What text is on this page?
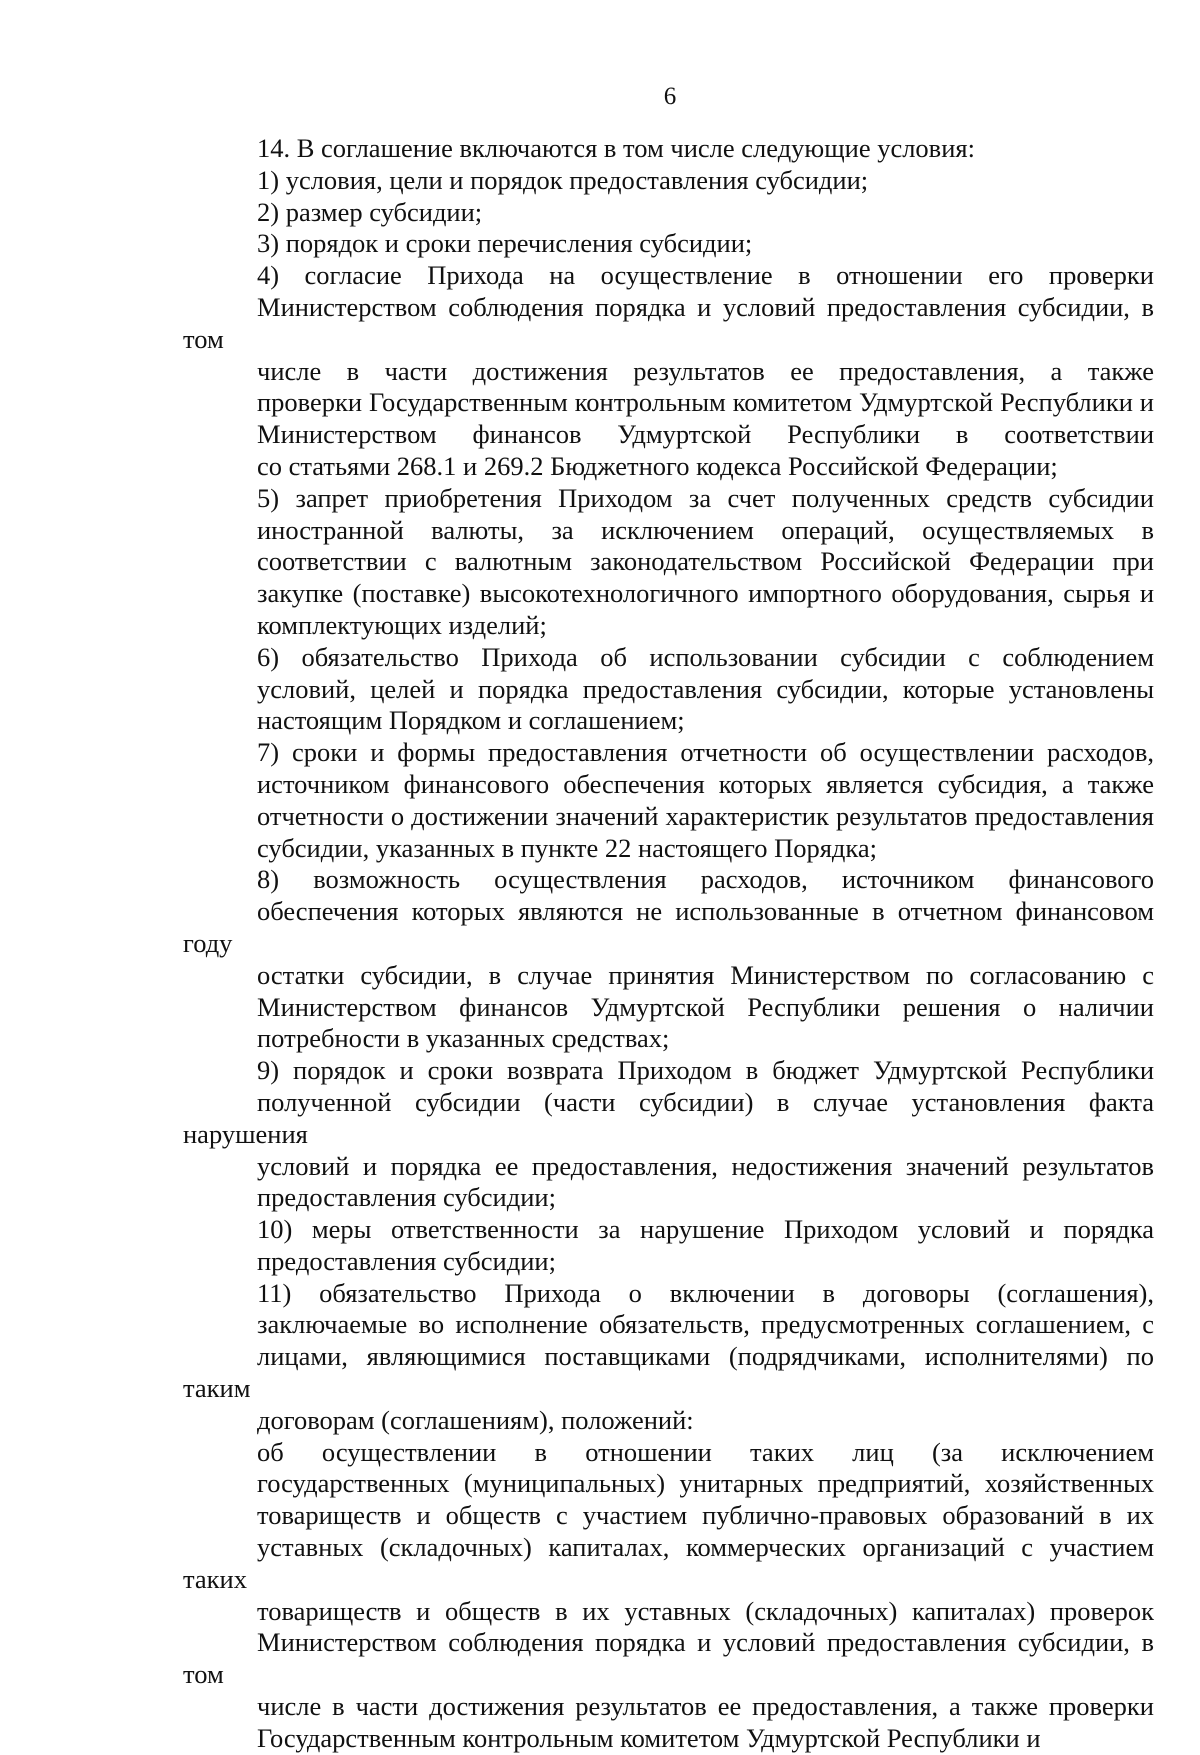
6
14. В соглашение включаются в том числе следующие условия:
1) условия, цели и порядок предоставления субсидии;
2) размер субсидии;
3) порядок и сроки перечисления субсидии;
4) согласие Прихода на осуществление в отношении его проверки
Министерством соблюдения порядка и условий предоставления субсидии, в том
числе в части достижения результатов ее предоставления, а также
проверки Государственным контрольным комитетом Удмуртской Республики и
Министерством финансов Удмуртской Республики в соответствии
со статьями 268.1 и 269.2 Бюджетного кодекса Российской Федерации;
5) запрет приобретения Приходом за счет полученных средств субсидии
иностранной валюты, за исключением операций, осуществляемых в
соответствии с валютным законодательством Российской Федерации при
закупке (поставке) высокотехнологичного импортного оборудования, сырья и
комплектующих изделий;
6) обязательство Прихода об использовании субсидии с соблюдением
условий, целей и порядка предоставления субсидии, которые установлены
настоящим Порядком и соглашением;
7) сроки и формы предоставления отчетности об осуществлении расходов,
источником финансового обеспечения которых является субсидия, а также
отчетности о достижении значений характеристик результатов предоставления
субсидии, указанных в пункте 22 настоящего Порядка;
8) возможность осуществления расходов, источником финансового
обеспечения которых являются не использованные в отчетном финансовом году
остатки субсидии, в случае принятия Министерством по согласованию с
Министерством финансов Удмуртской Республики решения о наличии
потребности в указанных средствах;
9) порядок и сроки возврата Приходом в бюджет Удмуртской Республики
полученной субсидии (части субсидии) в случае установления факта нарушения
условий и порядка ее предоставления, недостижения значений результатов
предоставления субсидии;
10) меры ответственности за нарушение Приходом условий и порядка
предоставления субсидии;
11) обязательство Прихода о включении в договоры (соглашения),
заключаемые во исполнение обязательств, предусмотренных соглашением, с
лицами, являющимися поставщиками (подрядчиками, исполнителями) по таким
договорам (соглашениям), положений:
об осуществлении в отношении таких лиц (за исключением
государственных (муниципальных) унитарных предприятий, хозяйственных
товариществ и обществ с участием публично-правовых образований в их
уставных (складочных) капиталах, коммерческих организаций с участием таких
товариществ и обществ в их уставных (складочных) капиталах) проверок
Министерством соблюдения порядка и условий предоставления субсидии, в том
числе в части достижения результатов ее предоставления, а также проверки
Государственным контрольным комитетом Удмуртской Республики и
